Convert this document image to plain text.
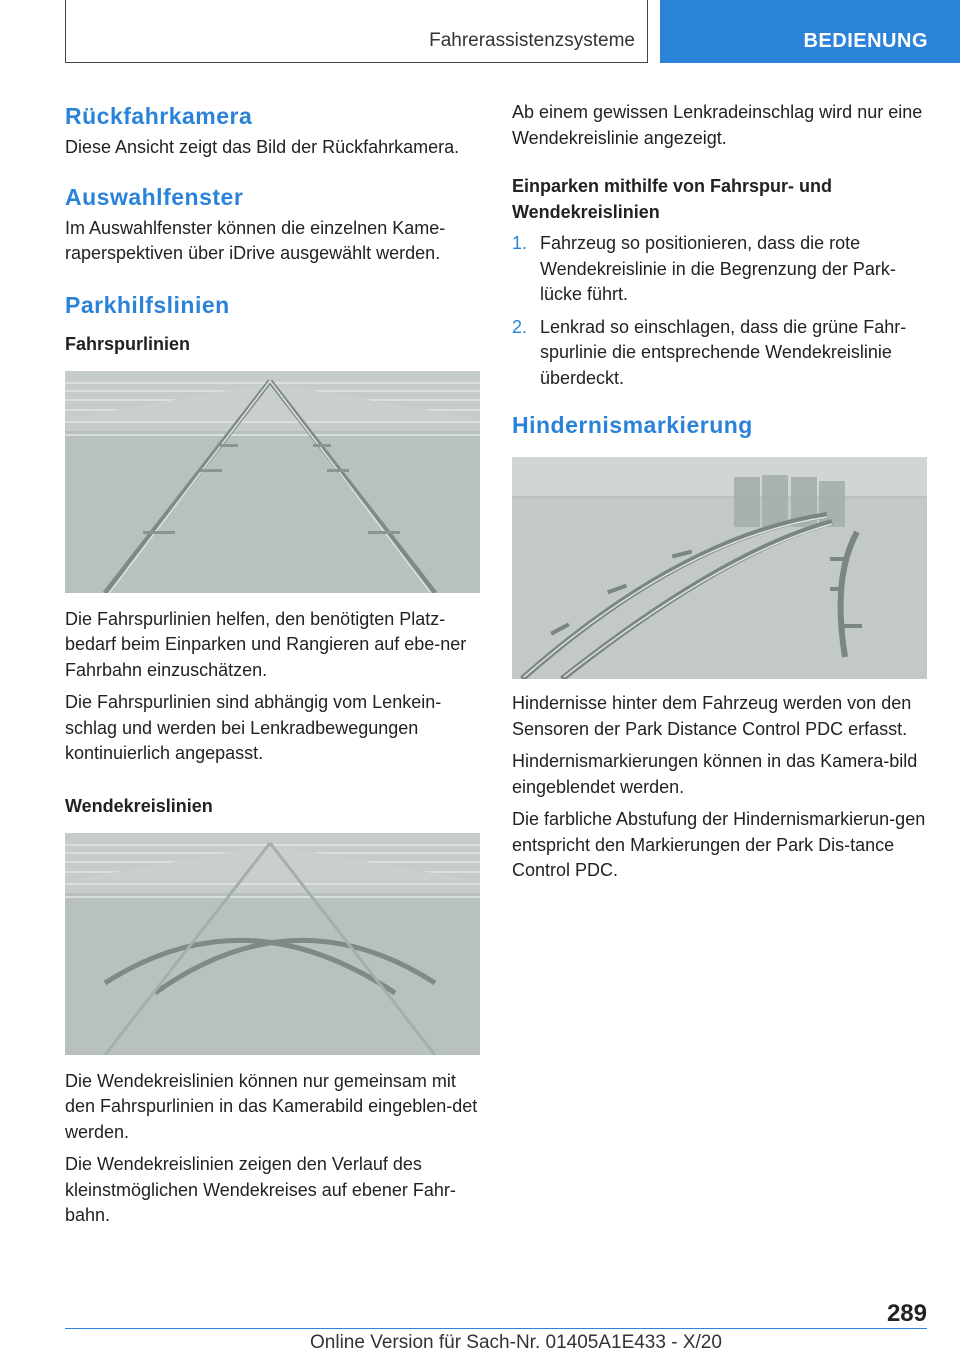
Fahrerassistenzsysteme	BEDIENUNG
Rückfahrkamera

Diese Ansicht zeigt das Bild der Rückfahrkamera.

Auswahlfenster

Im Auswahlfenster können die einzelnen Kame‐raperspektiven über iDrive ausgewählt werden.

Parkhilfslinien
Fahrspurlinien

Die Fahrspurlinien helfen, den benötigten Platz‐bedarf beim Einparken und Rangieren auf ebe‐ner Fahrbahn einzuschätzen.

Die Fahrspurlinien sind abhängig vom Lenkein‐schlag und werden bei Lenkradbewegungen kontinuierlich angepasst.

Wendekreislinien

Die Wendekreislinien können nur gemeinsam mit den Fahrspurlinien in das Kamerabild eingeblen‐det werden.

Die Wendekreislinien zeigen den Verlauf des kleinstmöglichen Wendekreises auf ebener Fahr‐bahn.

Ab einem gewissen Lenkradeinschlag wird nur eine Wendekreislinie angezeigt.

Einparken mithilfe von Fahrspur- und Wendekreislinien
1. Fahrzeug so positionieren, dass die rote Wendekreislinie in die Begrenzung der Park‐lücke führt.
2. Lenkrad so einschlagen, dass die grüne Fahr‐spurlinie die entsprechende Wendekreislinie überdeckt.
Hindernismarkierung

Hindernisse hinter dem Fahrzeug werden von den Sensoren der Park Distance Control PDC erfasst.

Hindernismarkierungen können in das Kamera‐bild eingeblendet werden.

Die farbliche Abstufung der Hindernismarkierun‐gen entspricht den Markierungen der Park Dis‐tance Control PDC.

289
Online Version für Sach-Nr. 01405A1E433 - X/20
